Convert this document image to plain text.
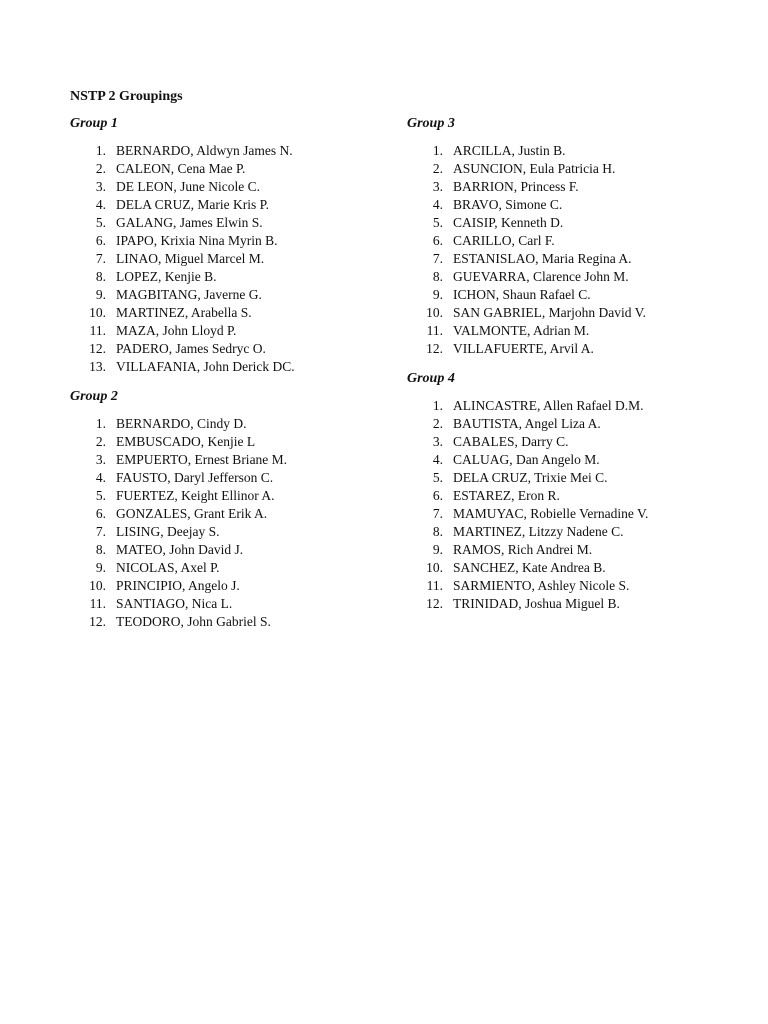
NSTP 2 Groupings
Group 1
1. BERNARDO, Aldwyn James N.
2. CALEON, Cena Mae P.
3. DE LEON, June Nicole C.
4. DELA CRUZ, Marie Kris P.
5. GALANG, James Elwin S.
6. IPAPO, Krixia Nina Myrin B.
7. LINAO, Miguel Marcel M.
8. LOPEZ, Kenjie B.
9. MAGBITANG, Javerne G.
10. MARTINEZ, Arabella S.
11. MAZA, John Lloyd P.
12. PADERO, James Sedryc O.
13. VILLAFANIA, John Derick DC.
Group 2
1. BERNARDO, Cindy D.
2. EMBUSCADO, Kenjie L
3. EMPUERTO, Ernest Briane M.
4. FAUSTO, Daryl Jefferson C.
5. FUERTEZ, Keight Ellinor A.
6. GONZALES, Grant Erik A.
7. LISING, Deejay S.
8. MATEO, John David J.
9. NICOLAS, Axel P.
10. PRINCIPIO, Angelo J.
11. SANTIAGO, Nica L.
12. TEODORO, John Gabriel S.
Group 3
1. ARCILLA, Justin B.
2. ASUNCION, Eula Patricia H.
3. BARRION, Princess F.
4. BRAVO, Simone C.
5. CAISIP, Kenneth D.
6. CARILLO, Carl F.
7. ESTANISLAO, Maria Regina A.
8. GUEVARRA, Clarence John M.
9. ICHON, Shaun Rafael C.
10. SAN GABRIEL, Marjohn David V.
11. VALMONTE, Adrian M.
12. VILLAFUERTE, Arvil A.
Group 4
1. ALINCASTRE, Allen Rafael D.M.
2. BAUTISTA, Angel Liza A.
3. CABALES, Darry C.
4. CALUAG, Dan Angelo M.
5. DELA CRUZ, Trixie Mei C.
6. ESTAREZ, Eron R.
7. MAMUYAC, Robielle Vernadine V.
8. MARTINEZ, Litzzy Nadene C.
9. RAMOS, Rich Andrei M.
10. SANCHEZ, Kate Andrea B.
11. SARMIENTO, Ashley Nicole S.
12. TRINIDAD, Joshua Miguel B.
